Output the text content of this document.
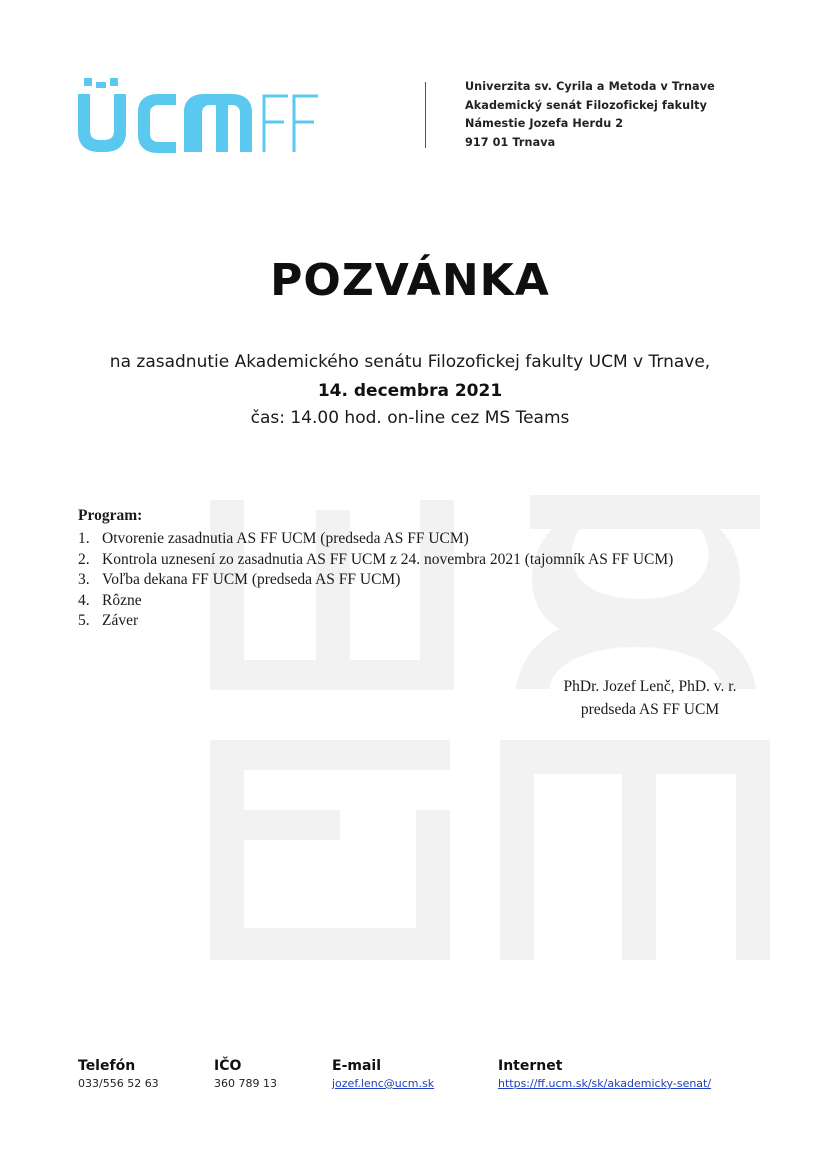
Univerzita sv. Cyrila a Metoda v Trnave
Akademický senát Filozofickej fakulty
Námestie Jozefa Herdu 2
917 01 Trnava
POZVÁNKA
na zasadnutie Akademického senátu Filozofickej fakulty UCM v Trnave,
14. decembra 2021
čas: 14.00 hod. on-line cez MS Teams
Program:
1. Otvorenie zasadnutia AS FF UCM (predseda AS FF UCM)
2. Kontrola uznesení zo zasadnutia AS FF UCM z 24. novembra 2021 (tajomník AS FF UCM)
3. Voľba dekana FF UCM (predseda AS FF UCM)
4. Rôzne
5. Záver
PhDr. Jozef Lenč, PhD. v. r.
predseda AS FF UCM
Telefón
033/556 52 63
IČO
360 789 13
E-mail
jozef.lenc@ucm.sk
Internet
https://ff.ucm.sk/sk/akademicky-senat/
